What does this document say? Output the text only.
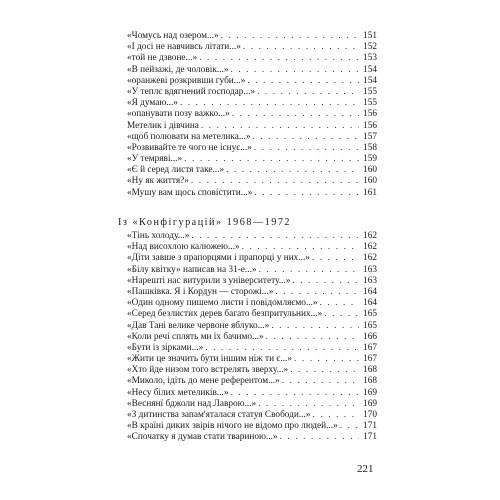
«Чомусь над озером...» . . .	151
«І досі не навчивсь літати...» . . .	152
«той не дзвоне...» . . .	153
«В пейзажі, де чоловік...» . . .	154
«оранжеві розкривши губи...» . . .	154
«У теплє вдягнений господар...» . . .	155
«Я думаю...» . . .	155
«опанувати позу важко...» . . .	156
Метелик і дівчина . . .	156
«щоб полювати на метелика...» . . .	157
«Розвивайте те чого не існує...» . . .	158
«У темряві...» . . .	159
«Є й серед листя таке...» . . .	160
«Ну як життя?» . . .	160
«Мушу вам щось сповістити...» . . .	161
Із «Конфігурацій» 1968—1972
«Тінь холоду...» . . .	162
«Над висохлою калюжею...» . . .	162
«Діти завше з прапорцями і прапорці у них...» . . .	162
«Білу квітку» написав на 31-е...» . . .	163
«Нарешті нас витурили з університету...» . . .	163
«Пашківка. Я і Кордун — сторожі...» . . .	164
«Один одному пишемо листи і повідомляємо...» . . .	164
«Серед безлистих дерев багато безпритульних...» . . .	165
«Дав Тані велике червоне яблуко...» . . .	165
«Коли речі сплять ми їх бачимо...» . . .	166
«Бути із зірками...» . . .	167
«Жити це значить бути іншим ніж ти є...» . . .	167
«Хто йде низом того встрелять зверху...» . . .	168
«Миколо, ідіть до мене референтом...» . . .	168
«Несу білих метеликів...» . . .	169
«Веснянї бджоли над Лаврою...» . . .	169
«З дитинства запам'яталася статуя Свободи...» . . .	170
«В країні диких звірів нічого не відомо про людей...» . . .	171
«Спочатку я думав стати твариною...» . . .	171
221
